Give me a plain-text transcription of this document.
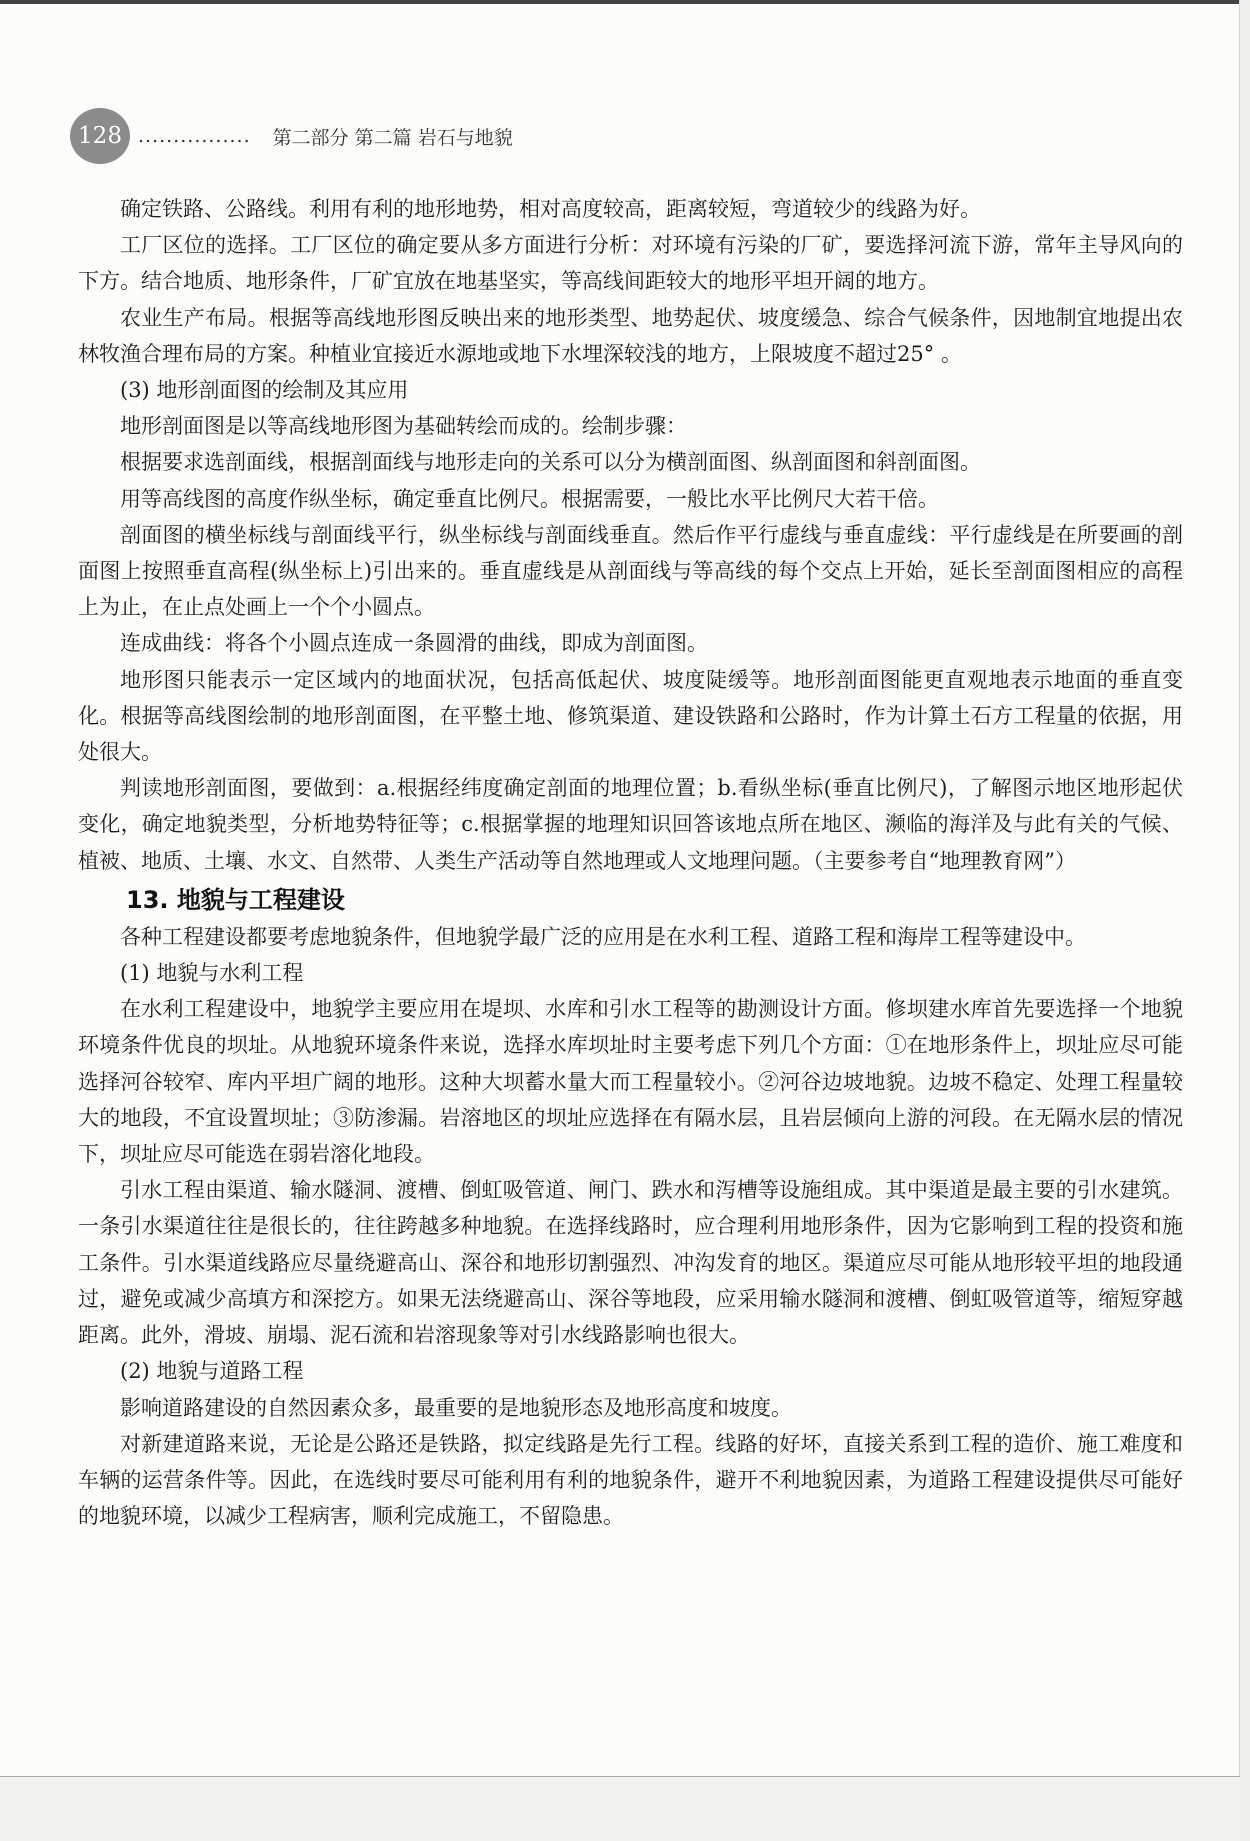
128 ................ 第二部分 第二篇 岩石与地貌

确定铁路、公路线。利用有利的地形地势，相对高度较高，距离较短，弯道较少的线路为好。

工厂区位的选择。工厂区位的确定要从多方面进行分析：对环境有污染的厂矿，要选择河流下游，常年主导风向的下方。结合地质、地形条件，厂矿宜放在地基坚实，等高线间距较大的地形平坦开阔的地方。

农业生产布局。根据等高线地形图反映出来的地形类型、地势起伏、坡度缓急、综合气候条件，因地制宜地提出农林牧渔合理布局的方案。种植业宜接近水源地或地下水埋深较浅的地方，上限坡度不超过25° 。

(3) 地形剖面图的绘制及其应用

地形剖面图是以等高线地形图为基础转绘而成的。绘制步骤：

根据要求选剖面线，根据剖面线与地形走向的关系可以分为横剖面图、纵剖面图和斜剖面图。

用等高线图的高度作纵坐标，确定垂直比例尺。根据需要，一般比水平比例尺大若干倍。

剖面图的横坐标线与剖面线平行，纵坐标线与剖面线垂直。然后作平行虚线与垂直虚线：平行虚线是在所要画的剖面图上按照垂直高程(纵坐标上)引出来的。垂直虚线是从剖面线与等高线的每个交点上开始，延长至剖面图相应的高程上为止，在止点处画上一个个小圆点。

连成曲线：将各个小圆点连成一条圆滑的曲线，即成为剖面图。

地形图只能表示一定区域内的地面状况，包括高低起伏、坡度陡缓等。地形剖面图能更直观地表示地面的垂直变化。根据等高线图绘制的地形剖面图，在平整土地、修筑渠道、建设铁路和公路时，作为计算土石方工程量的依据，用处很大。

判读地形剖面图，要做到：a.根据经纬度确定剖面的地理位置；b.看纵坐标(垂直比例尺)，了解图示地区地形起伏变化，确定地貌类型，分析地势特征等；c.根据掌握的地理知识回答该地点所在地区、濒临的海洋及与此有关的气候、植被、地质、土壤、水文、自然带、人类生产活动等自然地理或人文地理问题。（主要参考自“地理教育网”）

13. 地貌与工程建设

各种工程建设都要考虑地貌条件，但地貌学最广泛的应用是在水利工程、道路工程和海岸工程等建设中。

(1) 地貌与水利工程

在水利工程建设中，地貌学主要应用在堤坝、水库和引水工程等的勘测设计方面。修坝建水库首先要选择一个地貌环境条件优良的坝址。从地貌环境条件来说，选择水库坝址时主要考虑下列几个方面：①在地形条件上，坝址应尽可能选择河谷较窄、库内平坦广阔的地形。这种大坝蓄水量大而工程量较小。②河谷边坡地貌。边坡不稳定、处理工程量较大的地段，不宜设置坝址；③防渗漏。岩溶地区的坝址应选择在有隔水层，且岩层倾向上游的河段。在无隔水层的情况下，坝址应尽可能选在弱岩溶化地段。

引水工程由渠道、输水隧洞、渡槽、倒虹吸管道、闸门、跌水和泻槽等设施组成。其中渠道是最主要的引水建筑。一条引水渠道往往是很长的，往往跨越多种地貌。在选择线路时，应合理利用地形条件，因为它影响到工程的投资和施工条件。引水渠道线路应尽量绕避高山、深谷和地形切割强烈、冲沟发育的地区。渠道应尽可能从地形较平坦的地段通过，避免或减少高填方和深挖方。如果无法绕避高山、深谷等地段，应采用输水隧洞和渡槽、倒虹吸管道等，缩短穿越距离。此外，滑坡、崩塌、泥石流和岩溶现象等对引水线路影响也很大。

(2) 地貌与道路工程

影响道路建设的自然因素众多，最重要的是地貌形态及地形高度和坡度。

对新建道路来说，无论是公路还是铁路，拟定线路是先行工程。线路的好坏，直接关系到工程的造价、施工难度和车辆的运营条件等。因此，在选线时要尽可能利用有利的地貌条件，避开不利地貌因素，为道路工程建设提供尽可能好的地貌环境，以减少工程病害，顺利完成施工，不留隐患。
